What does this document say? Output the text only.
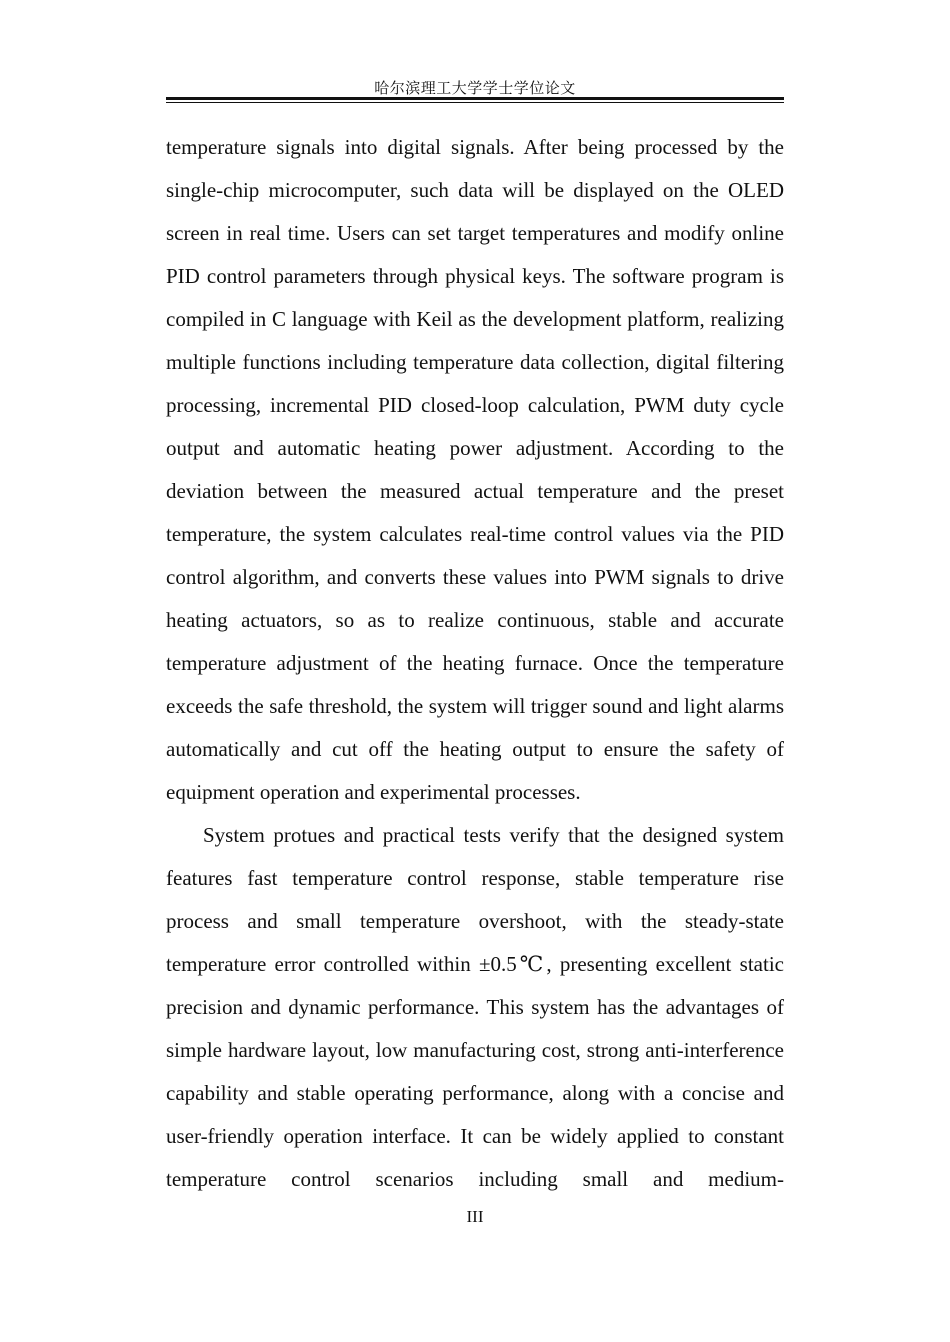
哈尔滨理工大学学士学位论文

temperature signals into digital signals. After being processed by the single-chip microcomputer, such data will be displayed on the OLED screen in real time. Users can set target temperatures and modify online PID control parameters through physical keys. The software program is compiled in C language with Keil as the development platform, realizing multiple functions including temperature data collection, digital filtering processing, incremental PID closed-loop calculation, PWM duty cycle output and automatic heating power adjustment. According to the deviation between the measured actual temperature and the preset temperature, the system calculates real-time control values via the PID control algorithm, and converts these values into PWM signals to drive heating actuators, so as to realize continuous, stable and accurate temperature adjustment of the heating furnace. Once the temperature exceeds the safe threshold, the system will trigger sound and light alarms automatically and cut off the heating output to ensure the safety of equipment operation and experimental processes.

System protues and practical tests verify that the designed system features fast temperature control response, stable temperature rise process and small temperature overshoot, with the steady-state temperature error controlled within ±0.5℃, presenting excellent static precision and dynamic performance. This system has the advantages of simple hardware layout, low manufacturing cost, strong anti-interference capability and stable operating performance, along with a concise and user-friendly operation interface. It can be widely applied to constant temperature control scenarios including small and medium-

III
